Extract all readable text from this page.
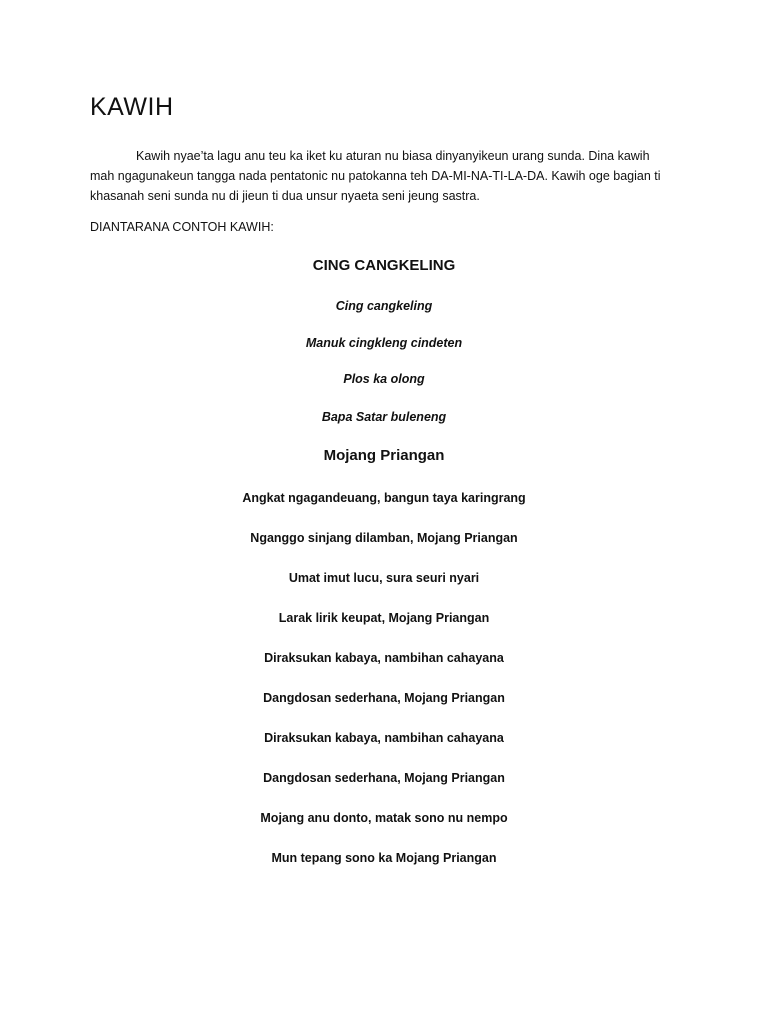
KAWIH
Kawih nyae’ta lagu anu teu ka iket ku aturan nu biasa dinyanyikeun urang sunda. Dina kawih
mah ngagunakeun tangga nada pentatonic nu patokanna teh DA-MI-NA-TI-LA-DA. Kawih oge bagian ti
khasanah seni sunda nu di jieun ti dua unsur nyaeta seni jeung sastra.

DIANTARANA CONTOH KAWIH:

CING CANGKELING

Cing cangkeling

Manuk cingkleng cindeten

Plos ka olong

Bapa Satar buleneng

Mojang Priangan

Angkat ngagandeuang, bangun taya karingrang

Nganggo sinjang dilamban, Mojang Priangan

Umat imut lucu, sura seuri nyari

Larak lirik keupat, Mojang Priangan

Diraksukan kabaya, nambihan cahayana

Dangdosan sederhana, Mojang Priangan

Diraksukan kabaya, nambihan cahayana

Dangdosan sederhana, Mojang Priangan

Mojang anu donto, matak sono nu nempo

Mun tepang sono ka Mojang Priangan
